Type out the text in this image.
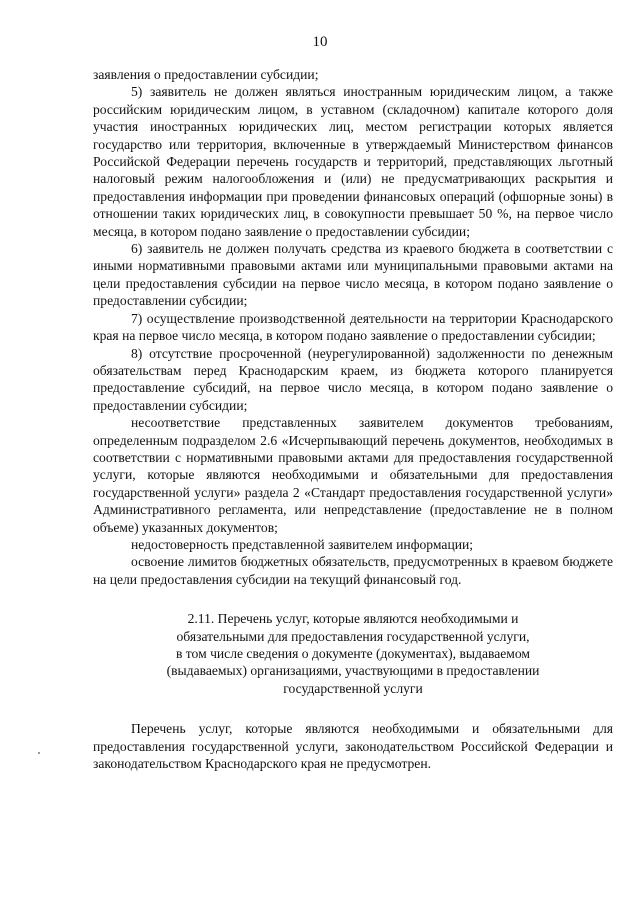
10

заявления о предоставлении субсидии;

5) заявитель не должен являться иностранным юридическим лицом, а также российским юридическим лицом, в уставном (складочном) капитале которого доля участия иностранных юридических лиц, местом регистрации которых является государство или территория, включенные в утверждаемый Министерством финансов Российской Федерации перечень государств и территорий, представляющих льготный налоговый режим налогообложения и (или) не предусматривающих раскрытия и предоставления информации при проведении финансовых операций (офшорные зоны) в отношении таких юридических лиц, в совокупности превышает 50 %, на первое число месяца, в котором подано заявление о предоставлении субсидии;

6) заявитель не должен получать средства из краевого бюджета в соответствии с иными нормативными правовыми актами или муниципальными правовыми актами на цели предоставления субсидии на первое число месяца, в котором подано заявление о предоставлении субсидии;

7) осуществление производственной деятельности на территории Краснодарского края на первое число месяца, в котором подано заявление о предоставлении субсидии;

8) отсутствие просроченной (неурегулированной) задолженности по денежным обязательствам перед Краснодарским краем, из бюджета которого планируется предоставление субсидий, на первое число месяца, в котором подано заявление о предоставлении субсидии;

несоответствие представленных заявителем документов требованиям, определенным подразделом 2.6 «Исчерпывающий перечень документов, необходимых в соответствии с нормативными правовыми актами для предоставления государственной услуги, которые являются необходимыми и обязательными для предоставления государственной услуги» раздела 2 «Стандарт предоставления государственной услуги» Административного регламента, или непредставление (предоставление не в полном объеме) указанных документов;

недостоверность представленной заявителем информации;

освоение лимитов бюджетных обязательств, предусмотренных в краевом бюджете на цели предоставления субсидии на текущий финансовый год.

2.11. Перечень услуг, которые являются необходимыми и
обязательными для предоставления государственной услуги,
в том числе сведения о документе (документах), выдаваемом
(выдаваемых) организациями, участвующими в предоставлении
государственной услуги

Перечень услуг, которые являются необходимыми и обязательными для предоставления государственной услуги, законодательством Российской Федерации и законодательством Краснодарского края не предусмотрен.
